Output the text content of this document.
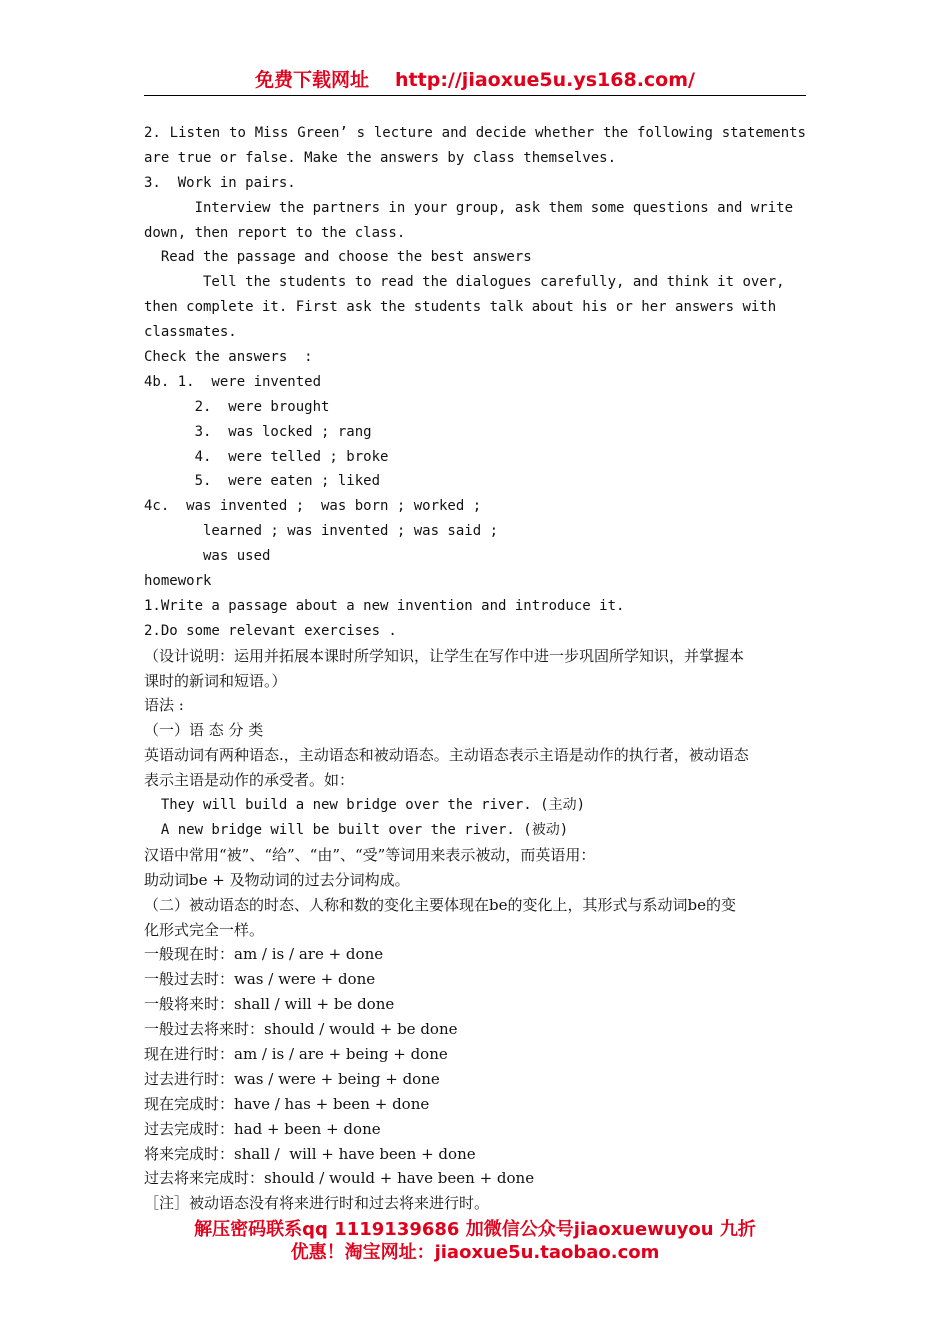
免费下载网址 http://jiaoxue5u.ys168.com/
2. Listen to Miss Green’ s lecture and decide whether the following statements
are true or false. Make the answers by class themselves.
3.  Work in pairs.
Interview the partners in your group, ask them some questions and write
down, then report to the class.
Read the passage and choose the best answers
Tell the students to read the dialogues carefully, and think it over,
then complete it. First ask the students talk about his or her answers with
classmates.
Check the answers  :
4b. 1.  were invented
2.  were brought
3.  was locked ; rang
4.  were telled ; broke
5.  were eaten ; liked
4c.  was invented ;  was born ; worked ;
learned ; was invented ; was said ;
was used
homework
1.Write a passage about a new invention and introduce it.
2.Do some relevant exercises .
（设计说明：运用并拓展本课时所学知识，让学生在写作中进一步巩固所学知识，并掌握本
课时的新词和短语。）
语法 :
（一）语 态 分 类
英语动词有两种语态.，主动语态和被动语态。主动语态表示主语是动作的执行者，被动语态
表示主语是动作的承受者。如：
They will build a new bridge over the river. (主动)
A new bridge will be built over the river. (被动)
汉语中常用“被”、“给”、“由”、“受”等词用来表示被动，而英语用：
助动词be + 及物动词的过去分词构成。
（二）被动语态的时态、人称和数的变化主要体现在be的变化上，其形式与系动词be的变
化形式完全一样。
一般现在时：am / is / are + done
一般过去时：was / were + done
一般将来时：shall / will + be done
一般过去将来时：should / would + be done
现在进行时：am / is / are + being + done
过去进行时：was / were + being + done
现在完成时：have / has + been + done
过去完成时：had + been + done
将来完成时：shall /  will + have been + done
过去将来完成时：should / would + have been + done
［注］被动语态没有将来进行时和过去将来进行时。
解压密码联系qq 1119139686 加微信公众号jiaoxuewuyou 九折
优惠！淘宝网址：jiaoxue5u.taobao.com
